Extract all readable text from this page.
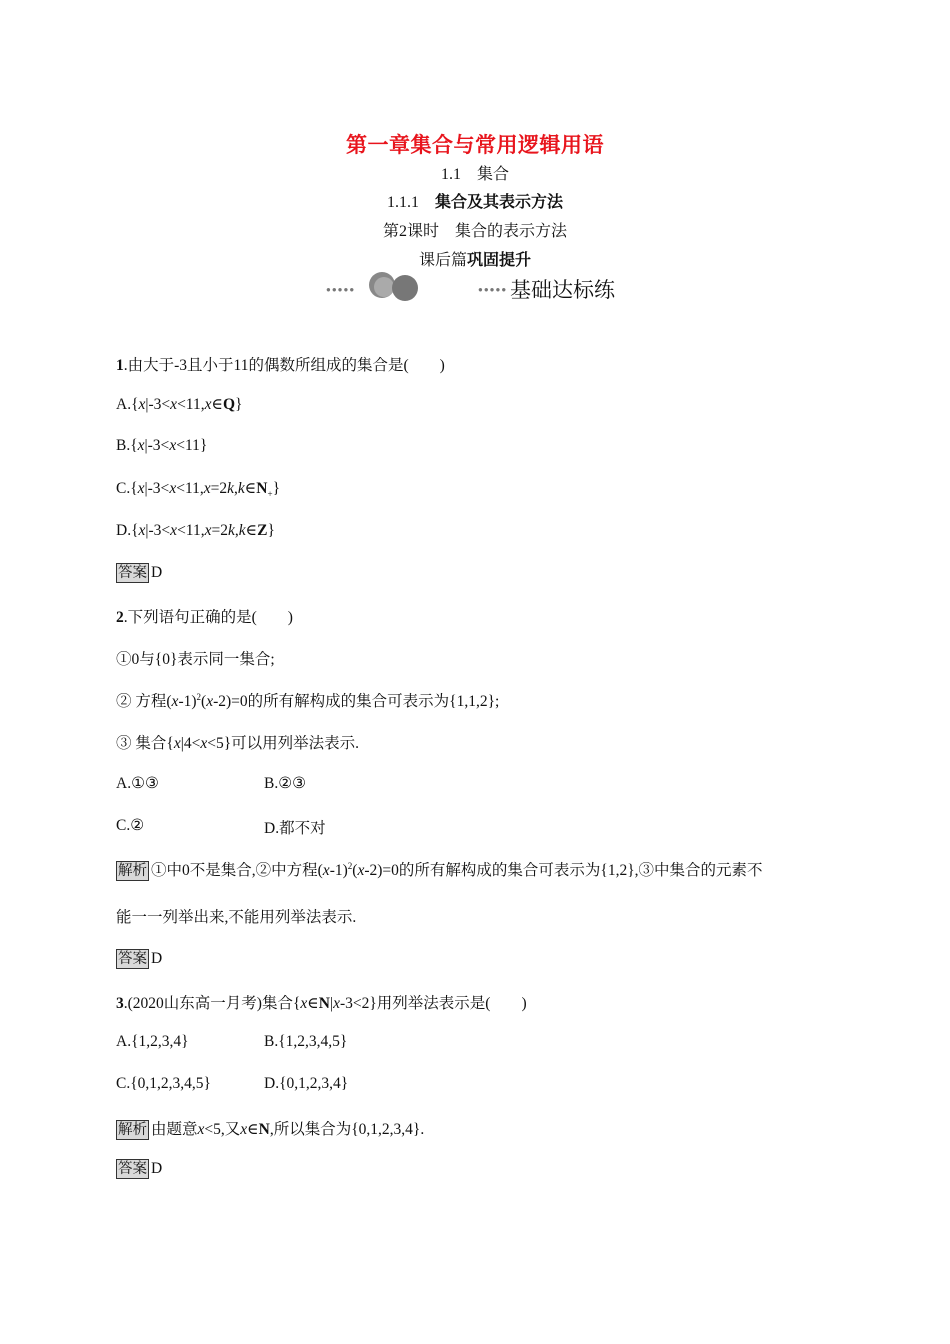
第一章集合与常用逻辑用语
1.1　集合
1.1.1　 集合及其表示方法
第2课时　集合的表示方法
课后篇巩固提升
●●●●●	●●●●● 基础达标练
1.由大于-3且小于11的偶数所组成的集合是(　　)
A.{x|-3<x<11,x∈Q}
B.{x|-3<x<11}
$C.\{x|-3<x<11,x=2k,k\in N_+\}$
D.{x|-3<x<11,x=2k,k∈Z}
答案 D
2.下列语句正确的是(　　)
①0与{0}表示同一集合;
② 方程$(x-1)^2(x-2)=0$的所有解构成的集合可表示为{1,1,2};
③ 集合{x|4<x<5}可以用列举法表示.
A.①③	B.②③
C.②	D.都不对
解析 ①中0不是集合,②中方程$(x-1)^2(x-2)=0$的所有解构成的集合可表示为{1,2},③中集合的元素不
能一一列举出来,不能用列举法表示.
答案 D
3.(2020山东高一月考)集合{x∈N|x-3<2}用列举法表示是(　　)
A.{1,2,3,4}	B.{1,2,3,4,5}
C.{0,1,2,3,4,5}	D.{0,1,2,3,4}
解析 由题意x<5,又x∈N,所以集合为{0,1,2,3,4}.
答案 D
